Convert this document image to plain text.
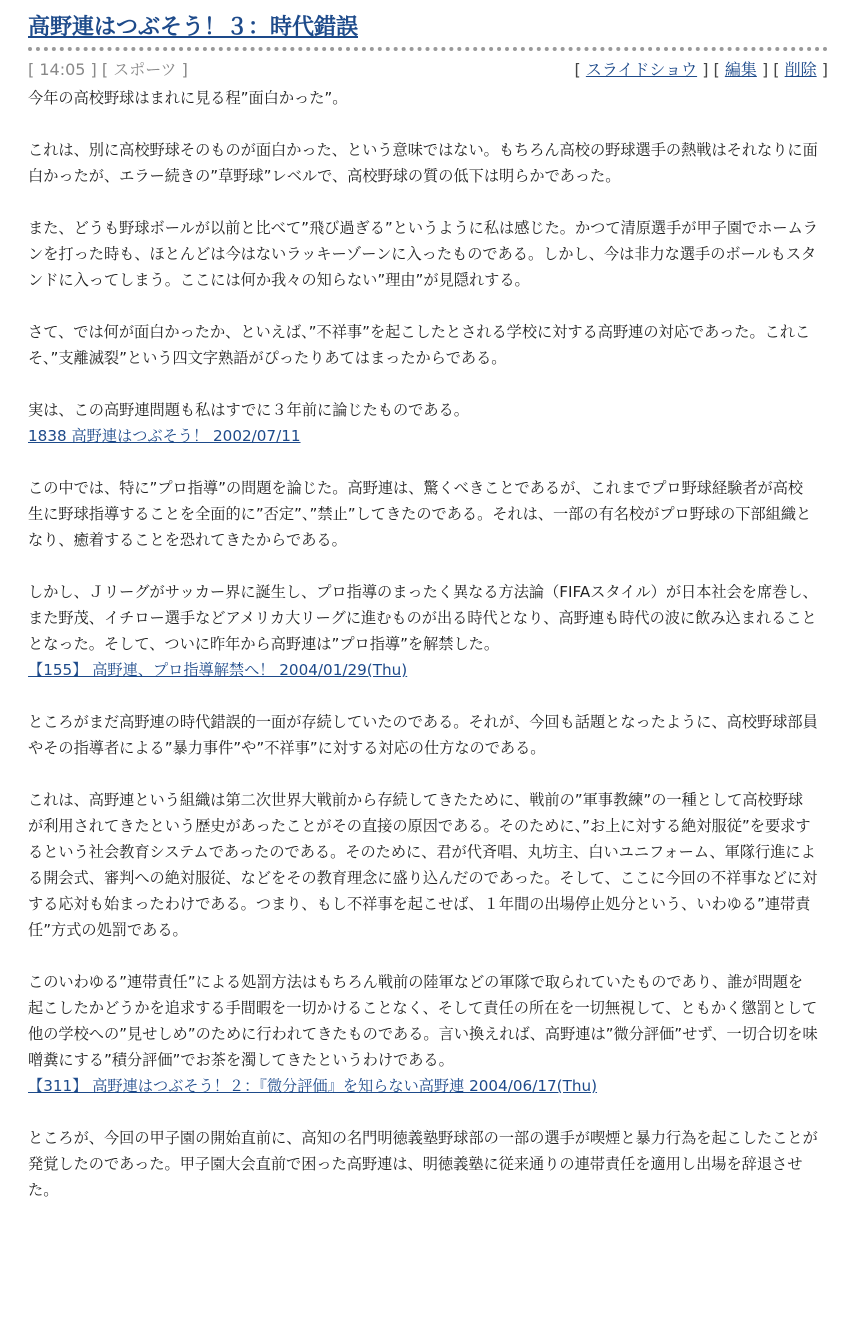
高野連はつぶそう！３：時代錯誤
[ 14:05 ] [ スポーツ ]	[ スライドショウ ] [ 編集 ] [ 削除 ]

今年の高校野球はまれに見る程”面白かった”。

これは、別に高校野球そのものが面白かった、という意味ではない。もちろん高校の野球選手の熱戦はそれなりに面白かったが、エラー続きの”草野球”レベルで、高校野球の質の低下は明らかであった。

また、どうも野球ボールが以前と比べて”飛び過ぎる”というように私は感じた。かつて清原選手が甲子園でホームランを打った時も、ほとんどは今はないラッキーゾーンに入ったものである。しかし、今は非力な選手のボールもスタンドに入ってしまう。ここには何か我々の知らない”理由”が見隠れする。

さて、では何が面白かったか、といえば、”不祥事”を起こしたとされる学校に対する高野連の対応であった。これこそ、”支離滅裂”という四文字熟語がぴったりあてはまったからである。

実は、この高野連問題も私はすでに３年前に論じたものである。

1838 高野連はつぶそう！ 2002/07/11

この中では、特に”プロ指導”の問題を論じた。高野連は、驚くべきことであるが、これまでプロ野球経験者が高校生に野球指導することを全面的に”否定”、”禁止”してきたのである。それは、一部の有名校がプロ野球の下部組織となり、癒着することを恐れてきたからである。

しかし、Ｊリーグがサッカー界に誕生し、プロ指導のまったく異なる方法論（FIFAスタイル）が日本社会を席巻し、また野茂、イチロー選手などアメリカ大リーグに進むものが出る時代となり、高野連も時代の波に飲み込まれることとなった。そして、ついに昨年から高野連は”プロ指導”を解禁した。

【155】 高野連、プロ指導解禁へ！ 2004/01/29(Thu)

ところがまだ高野連の時代錯誤的一面が存続していたのである。それが、今回も話題となったように、高校野球部員やその指導者による”暴力事件”や”不祥事”に対する対応の仕方なのである。

これは、高野連という組織は第二次世界大戦前から存続してきたために、戦前の”軍事教練”の一種として高校野球が利用されてきたという歴史があったことがその直接の原因である。そのために、”お上に対する絶対服従”を要求するという社会教育システムであったのである。そのために、君が代斉唱、丸坊主、白いユニフォーム、軍隊行進による開会式、審判への絶対服従、などをその教育理念に盛り込んだのであった。そして、ここに今回の不祥事などに対する応対も始まったわけである。つまり、もし不祥事を起こせば、１年間の出場停止処分という、いわゆる”連帯責任”方式の処罰である。

このいわゆる”連帯責任”による処罰方法はもちろん戦前の陸軍などの軍隊で取られていたものであり、誰が問題を起こしたかどうかを追求する手間暇を一切かけることなく、そして責任の所在を一切無視して、ともかく懲罰として他の学校への”見せしめ”のために行われてきたものである。言い換えれば、高野連は”微分評価”せず、一切合切を味噌糞にする”積分評価”でお茶を濁してきたというわけである。

【311】 高野連はつぶそう！２：『微分評価』を知らない高野連 2004/06/17(Thu)

ところが、今回の甲子園の開始直前に、高知の名門明徳義塾野球部の一部の選手が喫煙と暴力行為を起こしたことが発覚したのであった。甲子園大会直前で困った高野連は、明徳義塾に従来通りの連帯責任を適用し出場を辞退させた。
